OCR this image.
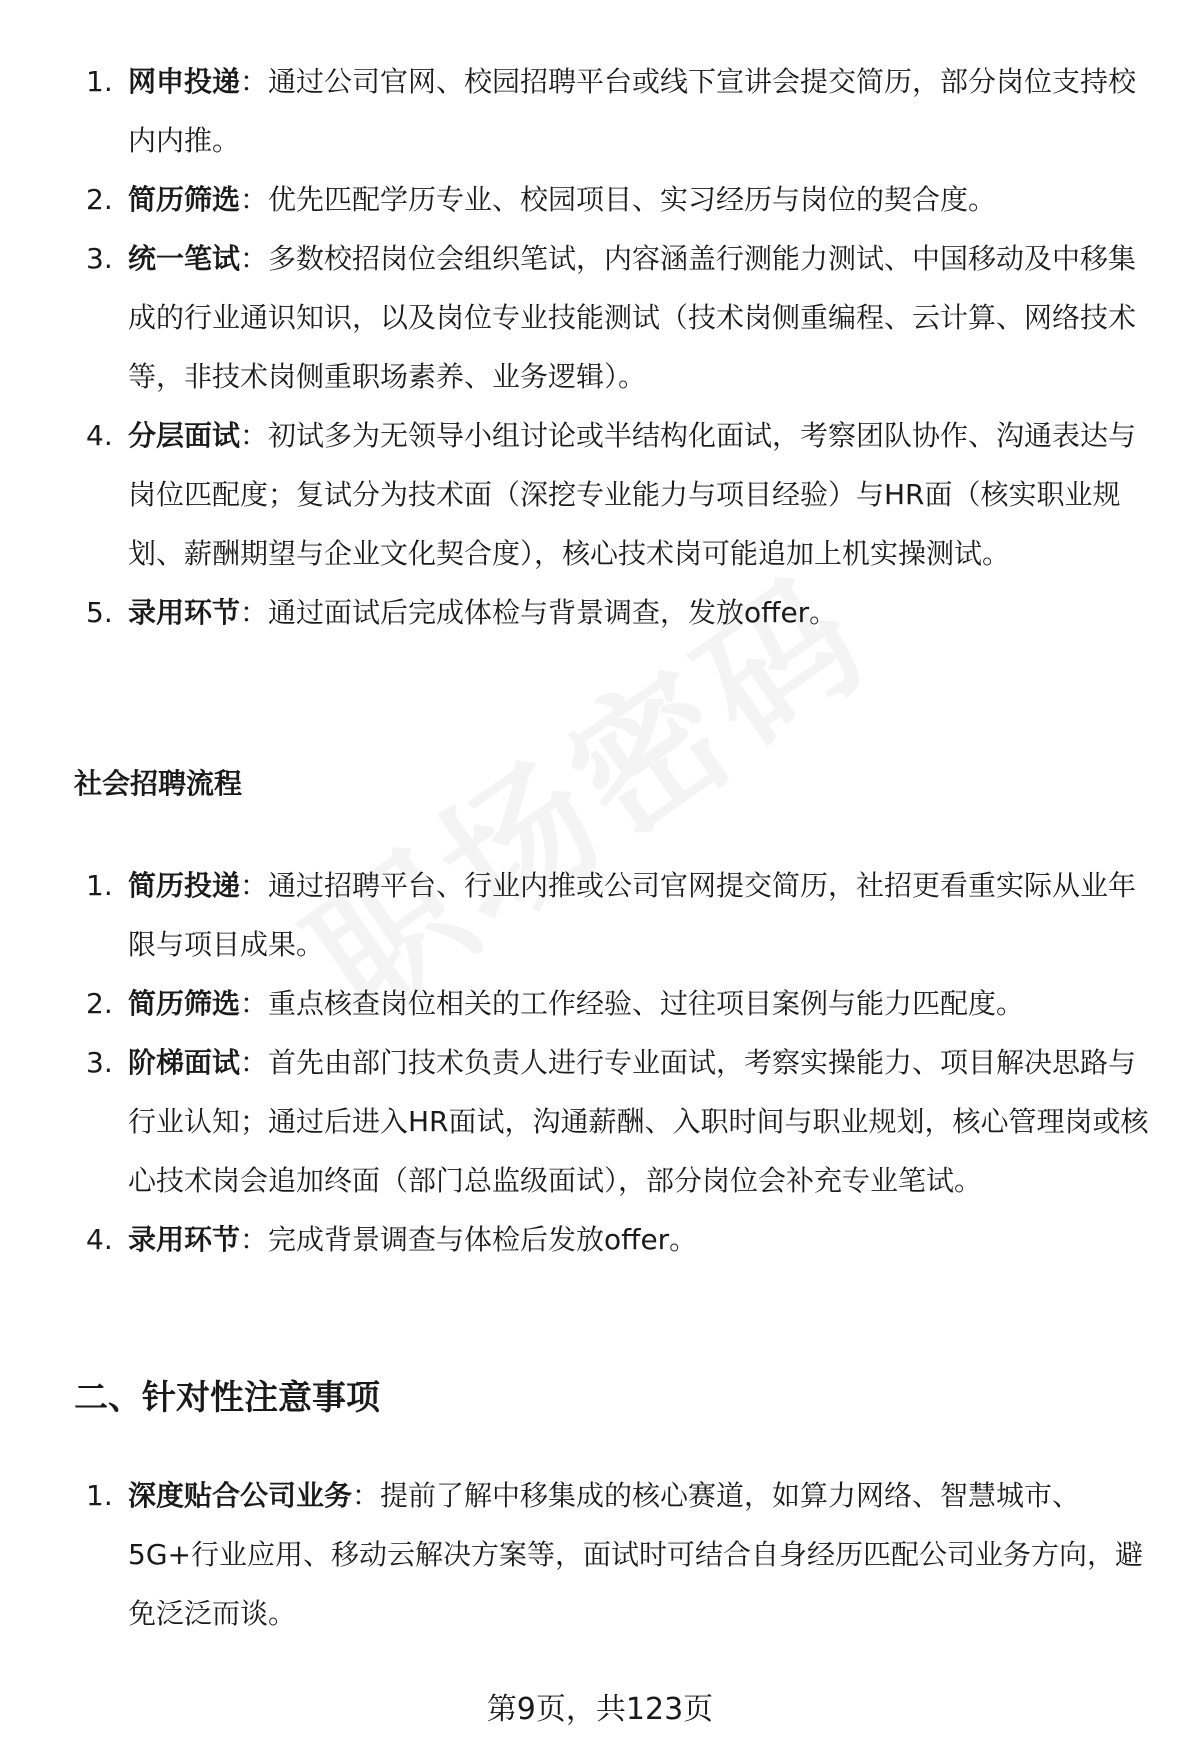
1. 网申投递：通过公司官网、校园招聘平台或线下宣讲会提交简历，部分岗位支持校内内推。
2. 简历筛选：优先匹配学历专业、校园项目、实习经历与岗位的契合度。
3. 统一笔试：多数校招岗位会组织笔试，内容涵盖行测能力测试、中国移动及中移集成的行业通识知识，以及岗位专业技能测试（技术岗侧重编程、云计算、网络技术等，非技术岗侧重职场素养、业务逻辑）。
4. 分层面试：初试多为无领导小组讨论或半结构化面试，考察团队协作、沟通表达与岗位匹配度；复试分为技术面（深挖专业能力与项目经验）与HR面（核实职业规划、薪酬期望与企业文化契合度），核心技术岗可能追加上机实操测试。
5. 录用环节：通过面试后完成体检与背景调查，发放offer。
社会招聘流程
1. 简历投递：通过招聘平台、行业内推或公司官网提交简历，社招更看重实际从业年限与项目成果。
2. 简历筛选：重点核查岗位相关的工作经验、过往项目案例与能力匹配度。
3. 阶梯面试：首先由部门技术负责人进行专业面试，考察实操能力、项目解决思路与行业认知；通过后进入HR面试，沟通薪酬、入职时间与职业规划，核心管理岗或核心技术岗会追加终面（部门总监级面试），部分岗位会补充专业笔试。
4. 录用环节：完成背景调查与体检后发放offer。
二、针对性注意事项
1. 深度贴合公司业务：提前了解中移集成的核心赛道，如算力网络、智慧城市、5G+行业应用、移动云解决方案等，面试时可结合自身经历匹配公司业务方向，避免泛泛而谈。
第9页，共123页
